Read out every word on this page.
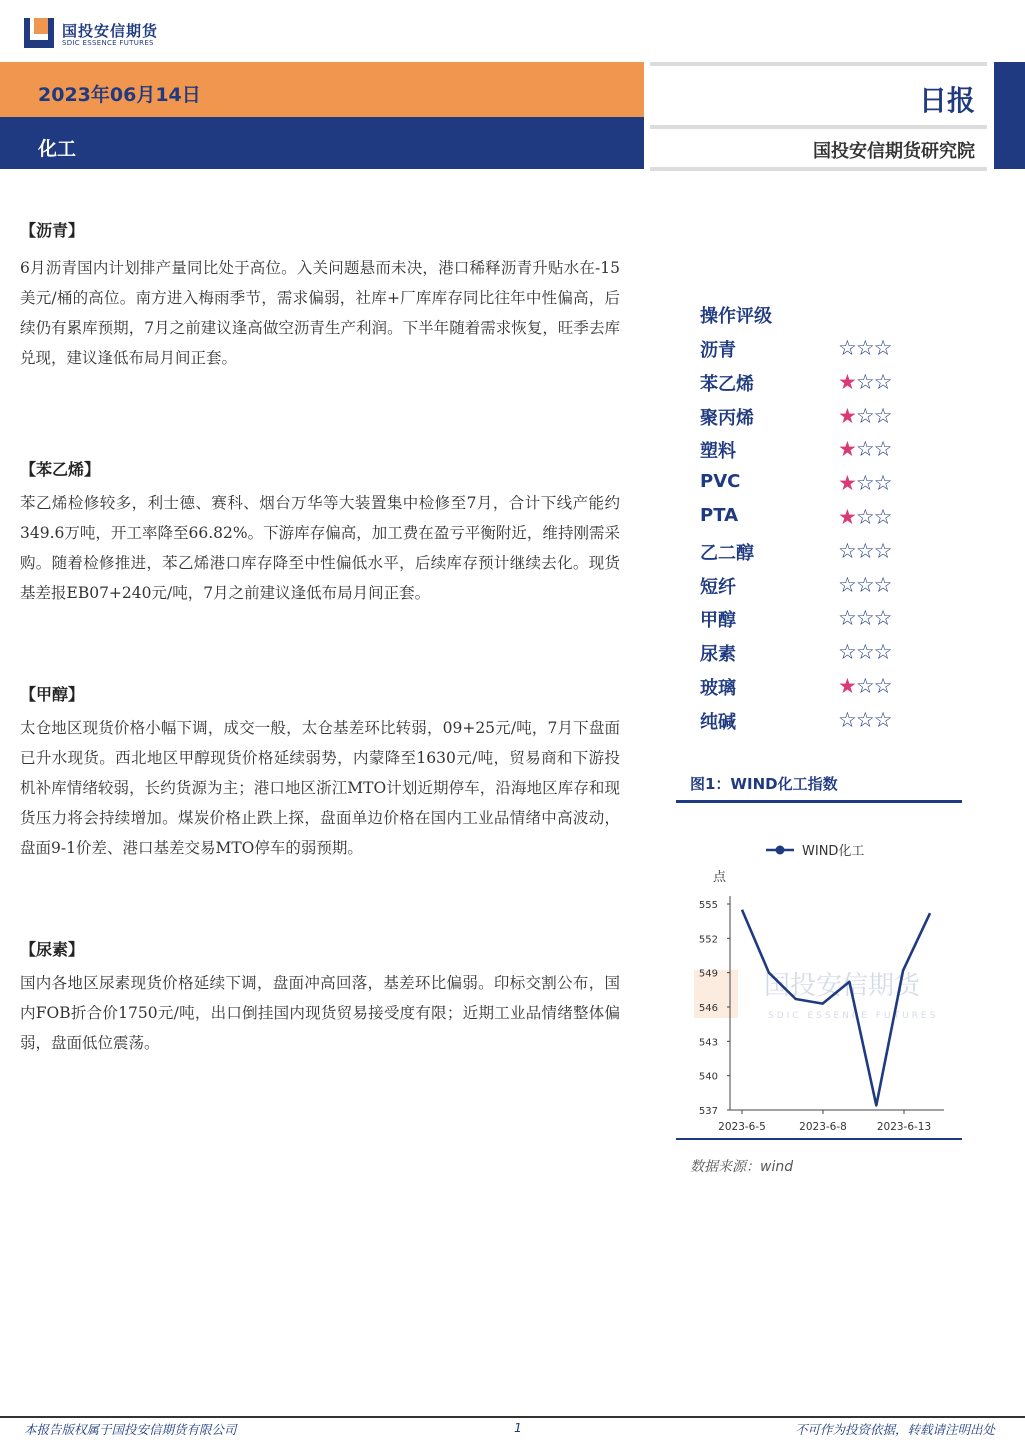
国投安信期货
SDIC ESSENCE FUTURES
2023年06月14日
化工
日报
国投安信期货研究院
【沥青】

6月沥青国内计划排产量同比处于高位。入关问题悬而未决，港口稀释沥青升贴水在-15美元/桶的高位。南方进入梅雨季节，需求偏弱，社库+厂库库存同比往年中性偏高，后续仍有累库预期，7月之前建议逢高做空沥青生产利润。下半年随着需求恢复，旺季去库兑现，建议逢低布局月间正套。

【苯乙烯】

苯乙烯检修较多，利士德、赛科、烟台万华等大装置集中检修至7月，合计下线产能约349.6万吨，开工率降至66.82%。下游库存偏高，加工费在盈亏平衡附近，维持刚需采购。随着检修推进，苯乙烯港口库存降至中性偏低水平，后续库存预计继续去化。现货基差报EB07+240元/吨，7月之前建议逢低布局月间正套。

【甲醇】

太仓地区现货价格小幅下调，成交一般，太仓基差环比转弱，09+25元/吨，7月下盘面已升水现货。西北地区甲醇现货价格延续弱势，内蒙降至1630元/吨，贸易商和下游投机补库情绪较弱，长约货源为主；港口地区浙江MTO计划近期停车，沿海地区库存和现货压力将会持续增加。煤炭价格止跌上探，盘面单边价格在国内工业品情绪中高波动，盘面9-1价差、港口基差交易MTO停车的弱预期。

【尿素】

国内各地区尿素现货价格延续下调，盘面冲高回落，基差环比偏弱。印标交割公布，国内FOB折合价1750元/吨，出口倒挂国内现货贸易接受度有限；近期工业品情绪整体偏弱，盘面低位震荡。

操作评级
沥青	☆☆☆
苯乙烯	★☆☆
聚丙烯	★☆☆
塑料	★☆☆
PVC	★☆☆
PTA	★☆☆
乙二醇	☆☆☆
短纤	☆☆☆
甲醇	☆☆☆
尿素	☆☆☆
玻璃	★☆☆
纯碱	☆☆☆
图1：WIND化工指数
国投安信期货
SDIC ESSENCE FUTURES
WIND化工
点
537
540
543
546
549
552
555
2023-6-5	2023-6-8	2023-6-13
数据来源：wind
本报告版权属于国投安信期货有限公司	1	不可作为投资依据，转载请注明出处
